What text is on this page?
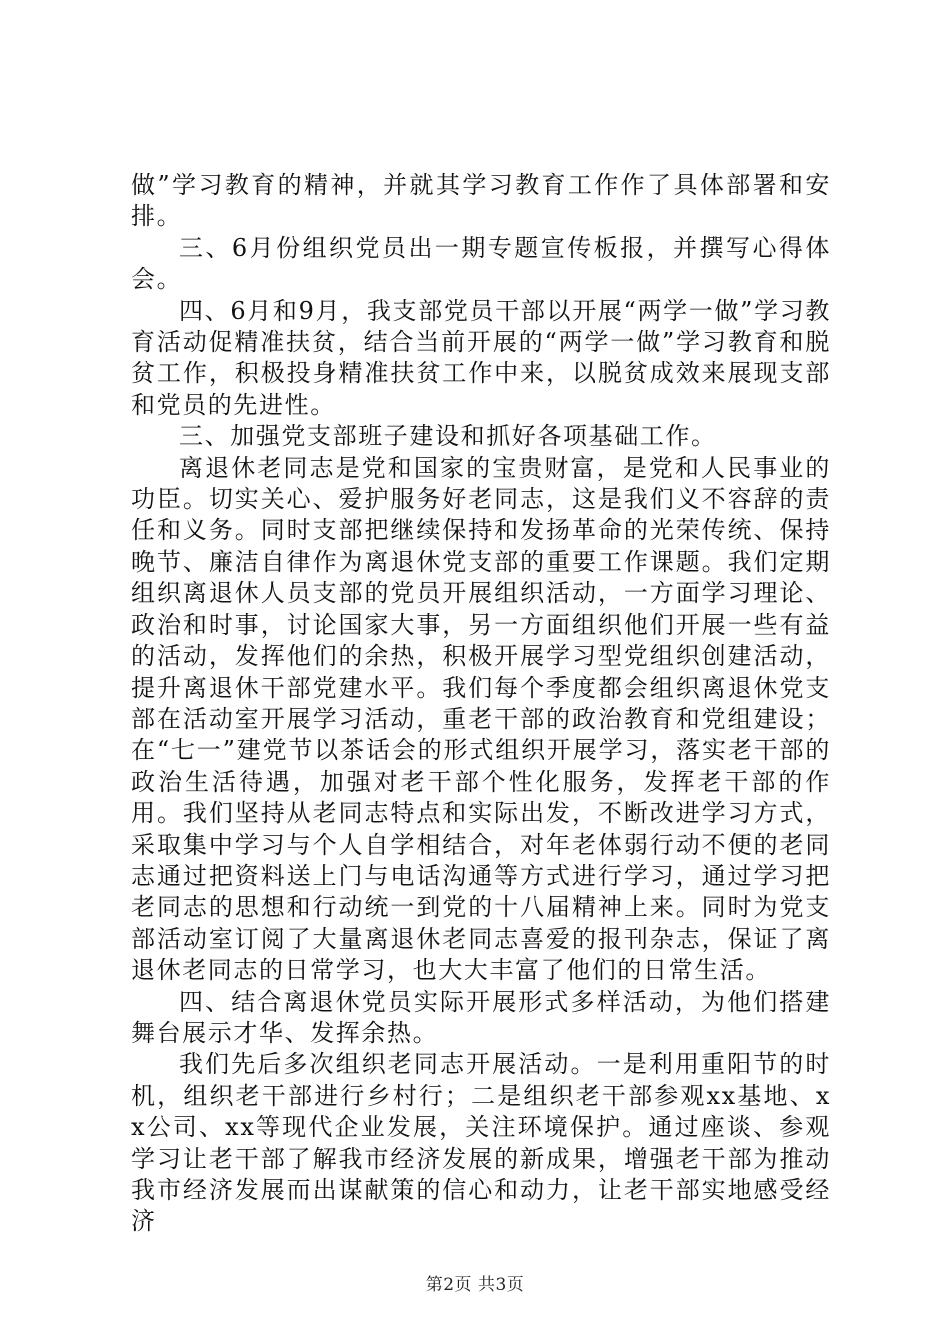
做”学习教育的精神，并就其学习教育工作作了具体部署和安排。

三、6月份组织党员出一期专题宣传板报，并撰写心得体会。

四、6月和9月，我支部党员干部以开展“两学一做”学习教育活动促精准扶贫，结合当前开展的“两学一做”学习教育和脱贫工作，积极投身精准扶贫工作中来，以脱贫成效来展现支部和党员的先进性。

三、加强党支部班子建设和抓好各项基础工作。

离退休老同志是党和国家的宝贵财富，是党和人民事业的功臣。切实关心、爱护服务好老同志，这是我们义不容辞的责任和义务。同时支部把继续保持和发扬革命的光荣传统、保持晚节、廉洁自律作为离退休党支部的重要工作课题。我们定期组织离退休人员支部的党员开展组织活动，一方面学习理论、政治和时事，讨论国家大事，另一方面组织他们开展一些有益的活动，发挥他们的余热，积极开展学习型党组织创建活动，提升离退休干部党建水平。我们每个季度都会组织离退休党支部在活动室开展学习活动，重老干部的政治教育和党组建设；在“七一”建党节以茶话会的形式组织开展学习，落实老干部的政治生活待遇，加强对老干部个性化服务，发挥老干部的作用。我们坚持从老同志特点和实际出发，不断改进学习方式，采取集中学习与个人自学相结合，对年老体弱行动不便的老同志通过把资料送上门与电话沟通等方式进行学习，通过学习把老同志的思想和行动统一到党的十八届精神上来。同时为党支部活动室订阅了大量离退休老同志喜爱的报刊杂志，保证了离退休老同志的日常学习，也大大丰富了他们的日常生活。

四、结合离退休党员实际开展形式多样活动，为他们搭建舞台展示才华、发挥余热。

我们先后多次组织老同志开展活动。一是利用重阳节的时机，组织老干部进行乡村行；二是组织老干部参观xx基地、xx公司、xx等现代企业发展，关注环境保护。通过座谈、参观学习让老干部了解我市经济发展的新成果，增强老干部为推动我市经济发展而出谋献策的信心和动力，让老干部实地感受经济

第2页 共3页
